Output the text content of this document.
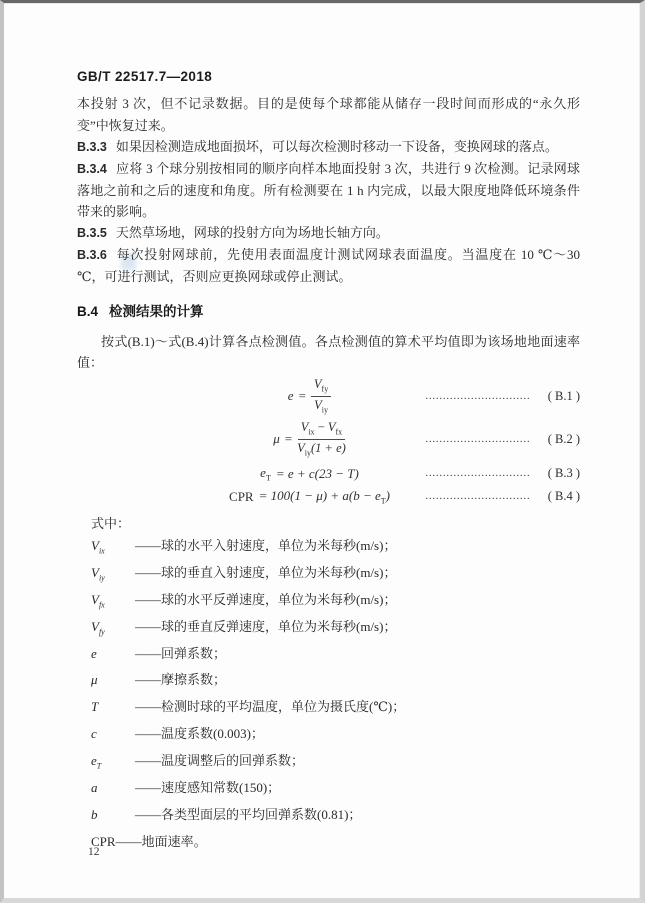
GB/T 22517.7—2018

本投射 3 次，但不记录数据。目的是使每个球都能从储存一段时间而形成的“永久形变”中恢复过来。

B.3.3 如果因检测造成地面损坏，可以每次检测时移动一下设备，变换网球的落点。

B.3.4 应将 3 个球分别按相同的顺序向样本地面投射 3 次，共进行 9 次检测。记录网球落地之前和之后的速度和角度。所有检测要在 1 h 内完成，以最大限度地降低环境条件带来的影响。

B.3.5 天然草场地，网球的投射方向为场地长轴方向。

B.3.6 每次投射网球前，先使用表面温度计测试网球表面温度。当温度在 10 ℃～30 ℃，可进行测试，否则应更换网球或停止测试。

B.4 检测结果的计算

按式(B.1)～式(B.4)计算各点检测值。各点检测值的算术平均值即为该场地地面速率值：

$e = \frac{V_{fy}}{V_{iy}}$	…………………………	( B.1 )
$\mu = \frac{V_{ix} - V_{fx}}{V_{iy}(1 + e)}$	…………………………	( B.2 )
$e_T = e + c(23 - T)$	…………………………	( B.3 )
CPR = $100(1 - \mu) + a(b - e_T)$	…………………………	( B.4 )

式中：

$V_{ix}$	——球的水平入射速度，单位为米每秒(m/s)；
$V_{iy}$	——球的垂直入射速度，单位为米每秒(m/s)；
$V_{fx}$	——球的水平反弹速度，单位为米每秒(m/s)；
$V_{fy}$	——球的垂直反弹速度，单位为米每秒(m/s)；
e	——回弹系数；
μ	——摩擦系数；
T	——检测时球的平均温度，单位为摄氏度(℃)；
c	——温度系数(0.003)；
$e_T$	——温度调整后的回弹系数；
a	——速度感知常数(150)；
b	——各类型面层的平均回弹系数(0.81)；
CPR ——地面速率。
12
